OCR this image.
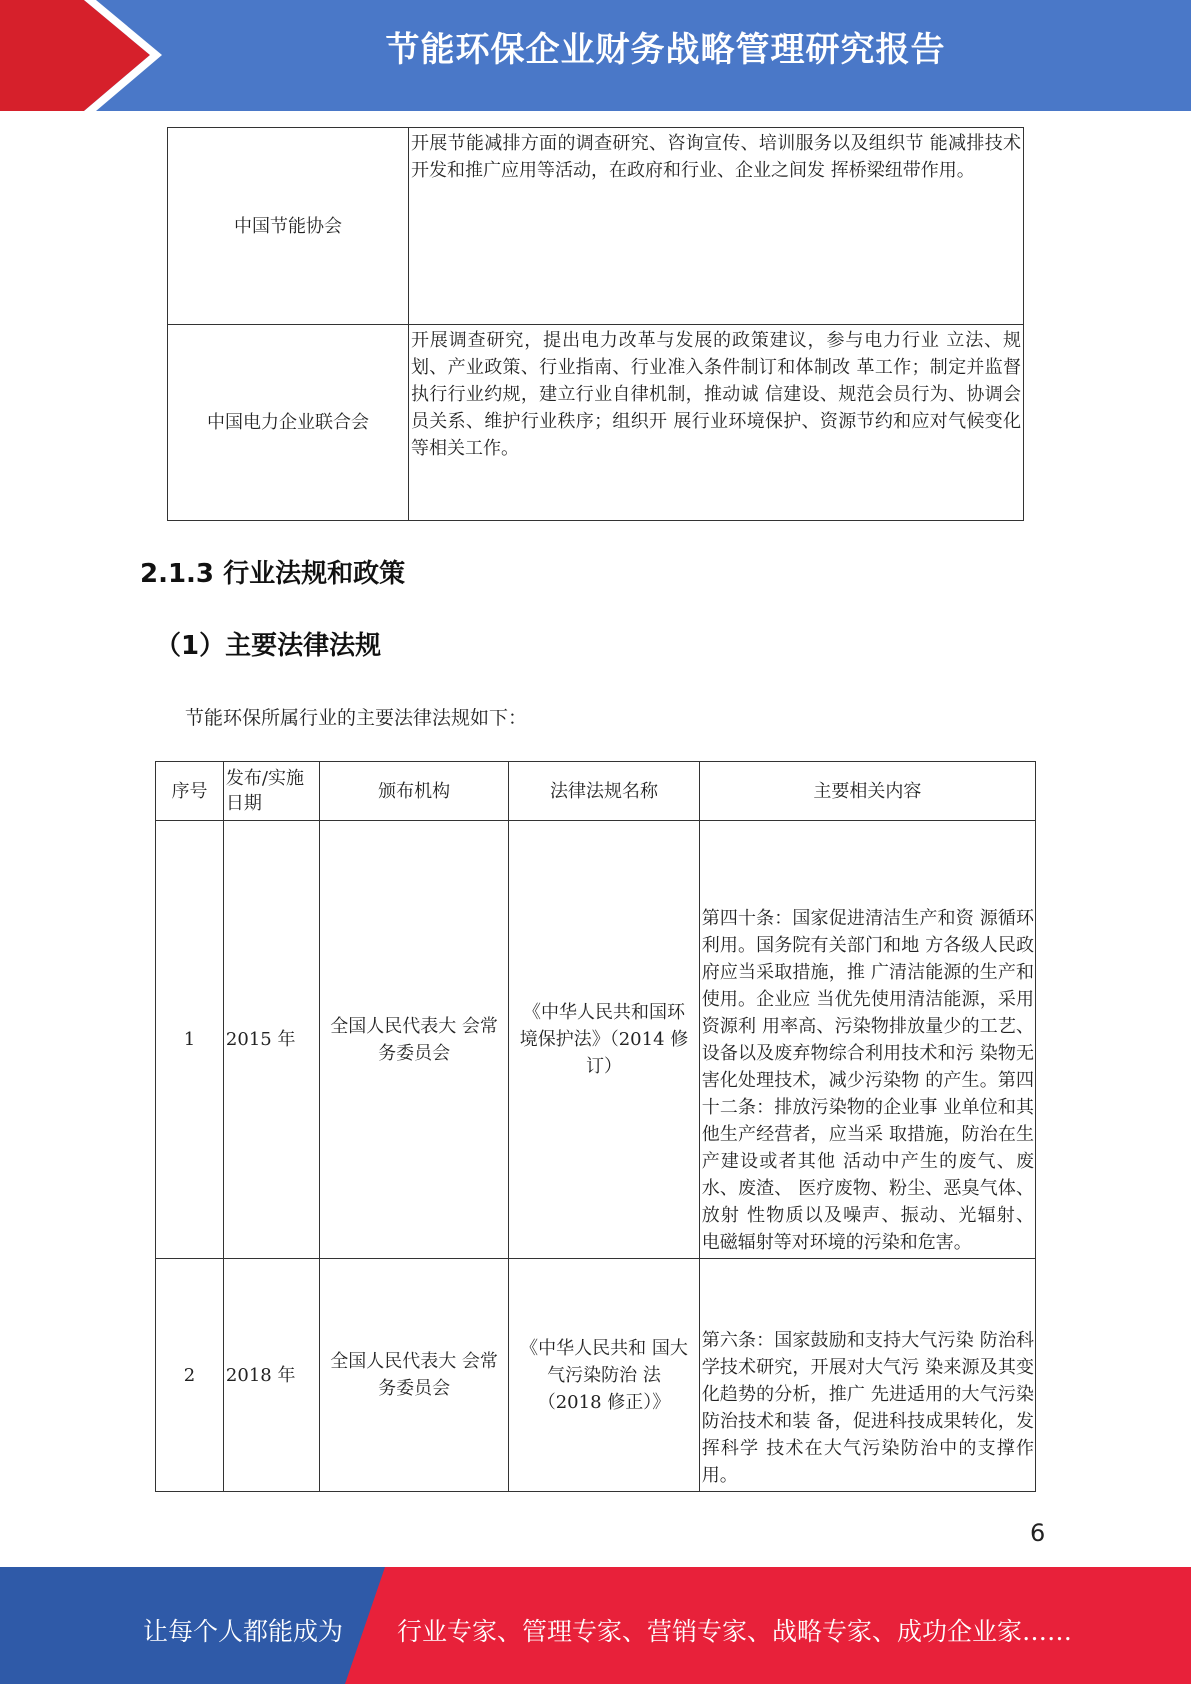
节能环保企业财务战略管理研究报告
中国节能协会	开展节能减排方面的调查研究、咨询宣传、培训服务以及组织节 能减排技术开发和推广应用等活动，在政府和行业、企业之间发 挥桥梁纽带作用。
中国电力企业联合会	开展调查研究，提出电力改革与发展的政策建议，参与电力行业 立法、规划、产业政策、行业指南、行业准入条件制订和体制改 革工作；制定并监督执行行业约规，建立行业自律机制，推动诚 信建设、规范会员行为、协调会员关系、维护行业秩序；组织开 展行业环境保护、资源节约和应对气候变化等相关工作。
2.1.3 行业法规和政策
（1）主要法律法规
节能环保所属行业的主要法律法规如下：
序号	发布/实施日期	颁布机构	法律法规名称	主要相关内容
1	2015 年	全国人民代表大 会常务委员会	《中华人民共和国环境保护法》（2014 修订）	第四十条：国家促进清洁生产和资 源循环利用。国务院有关部门和地 方各级人民政府应当采取措施，推 广清洁能源的生产和使用。企业应 当优先使用清洁能源，采用资源利 用率高、污染物排放量少的工艺、 设备以及废弃物综合利用技术和污 染物无害化处理技术，减少污染物 的产生。第四十二条：排放污染物的企业事 业单位和其他生产经营者，应当采 取措施，防治在生产建设或者其他 活动中产生的废气、废水、废渣、 医疗废物、粉尘、恶臭气体、放射 性物质以及噪声、振动、光辐射、 电磁辐射等对环境的污染和危害。
2	2018 年	全国人民代表大 会常务委员会	《中华人民共和 国大气污染防治 法（2018 修正）》	第六条：国家鼓励和支持大气污染 防治科学技术研究，开展对大气污 染来源及其变化趋势的分析，推广 先进适用的大气污染防治技术和装 备，促进科技成果转化，发挥科学 技术在大气污染防治中的支撑作 用。
6
让每个人都能成为 行业专家、管理专家、营销专家、战略专家、成功企业家……
